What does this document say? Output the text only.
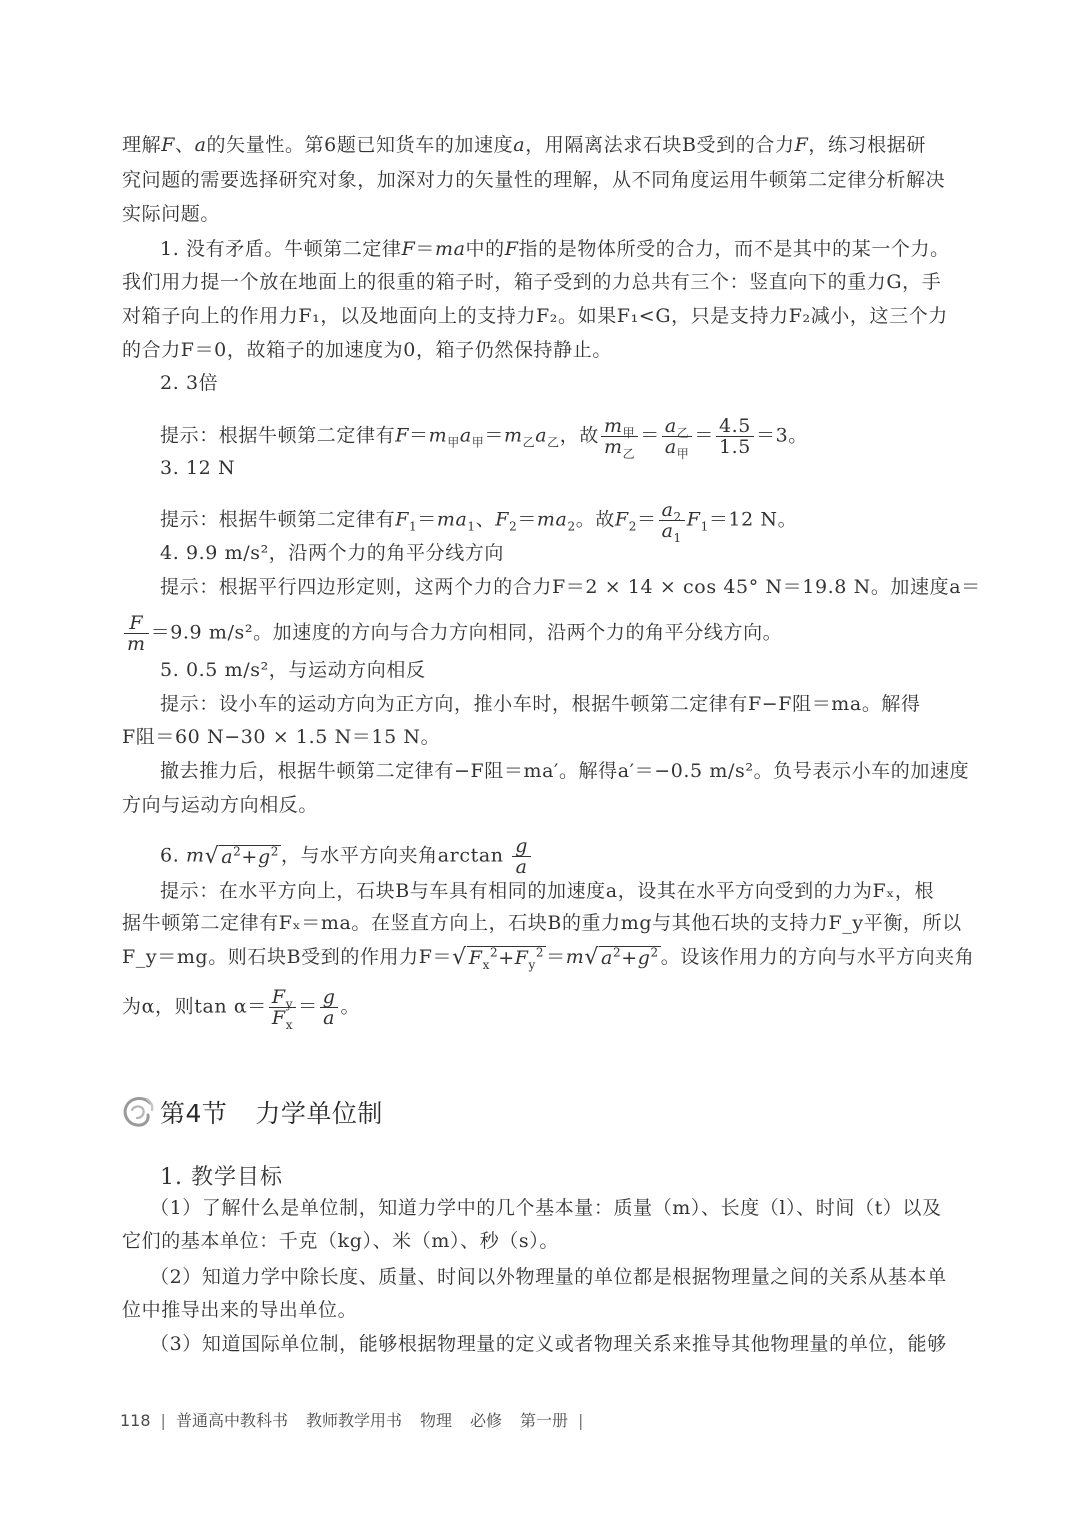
理解F、a的矢量性。第6题已知货车的加速度a，用隔离法求石块B受到的合力F，练习根据研
究问题的需要选择研究对象，加深对力的矢量性的理解，从不同角度运用牛顿第二定律分析解决
实际问题。
1. 没有矛盾。牛顿第二定律F＝ma中的F指的是物体所受的合力，而不是其中的某一个力。
我们用力提一个放在地面上的很重的箱子时，箱子受到的力总共有三个：竖直向下的重力G，手
对箱子向上的作用力F₁，以及地面向上的支持力F₂。如果F₁<G，只是支持力F₂减小，这三个力
的合力F＝0，故箱子的加速度为0，箱子仍然保持静止。
2. 3倍
提示：根据牛顿第二定律有$F=m_甲a_甲=m_乙a_乙$，故 $\frac{m_甲}{m_乙} = \frac{a_乙}{a_甲} = \frac{4.5}{1.5} =3$。
3. 12 N
提示：根据牛顿第二定律有$F_1=ma_1$、$F_2=ma_2$。故$F_2= \frac{a_2}{a_1} F_1=12$ N。
4. 9.9 m/s²，沿两个力的角平分线方向
提示：根据平行四边形定则，这两个力的合力F＝2 × 14 × cos 45° N＝19.8 N。加速度a＝
$\frac{F}{m} =9.9$ m/s²。加速度的方向与合力方向相同，沿两个力的角平分线方向。
5. 0.5 m/s²，与运动方向相反
提示：设小车的运动方向为正方向，推小车时，根据牛顿第二定律有F−F阻＝ma。解得
F阻＝60 N−30 × 1.5 N＝15 N。
撤去推力后，根据牛顿第二定律有−F阻＝ma′。解得a′＝−0.5 m/s²。负号表示小车的加速度
方向与运动方向相反。
6. m√ $a^2+g^2$ ，与水平方向夹角$\arctan \frac{g}{a}$
提示：在水平方向上，石块B与车具有相同的加速度a，设其在水平方向受到的力为Fₓ，根
据牛顿第二定律有Fₓ＝ma。在竖直方向上，石块B的重力mg与其他石块的支持力F_y平衡，所以
F_y＝mg。则石块B受到的作用力F＝√ $F_x^2+F_y^2 =m√$ $a^2+g^2$ 。设该作用力的方向与水平方向夹角
为α，则$\tan \alpha= \frac{F_y}{F_x} = \frac{g}{a}$ 。
第4节 力学单位制
1. 教学目标
（1）了解什么是单位制，知道力学中的几个基本量：质量（m）、长度（l）、时间（t）以及
它们的基本单位：千克（kg）、米（m）、秒（s）。
（2）知道力学中除长度、质量、时间以外物理量的单位都是根据物理量之间的关系从基本单
位中推导出来的导出单位。
（3）知道国际单位制，能够根据物理量的定义或者物理关系来推导其他物理量的单位，能够
118 | 普通高中教科书 教师教学用书 物理 必修 第一册 |
